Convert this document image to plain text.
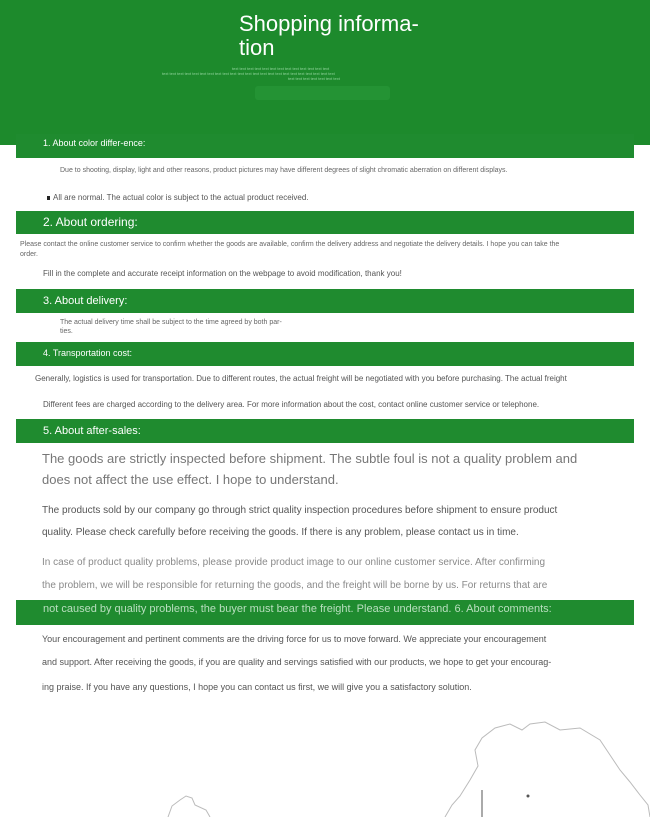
Shopping informa-
tion
text text text text text text text text text text text text text
text text text text text text text text text text text text text text text text text text text text text text text
text text text text text text text
1. About color differ-ence:
Due to shooting, display, light and other reasons, product pictures may have different degrees of slight chromatic aberration on different displays.
All are normal. The actual color is subject to the actual product received.
2. About ordering:
Please contact the online customer service to confirm whether the goods are available, confirm the delivery address and negotiate the delivery details. I hope you can take the
order.
Fill in the complete and accurate receipt information on the webpage to avoid modification, thank you!
3. About delivery:
The actual delivery time shall be subject to the time agreed by both par-
ties.
4. Transportation cost:
Generally, logistics is used for transportation. Due to different routes, the actual freight will be negotiated with you before purchasing. The actual freight
Different fees are charged according to the delivery area. For more information about the cost, contact online customer service or telephone.
5. About after-sales:
The goods are strictly inspected before shipment. The subtle foul is not a quality problem and
does not affect the use effect. I hope to understand.
The products sold by our company go through strict quality inspection procedures before shipment to ensure product
quality. Please check carefully before receiving the goods. If there is any problem, please contact us in time.
In case of product quality problems, please provide product image to our online customer service. After confirming
the problem, we will be responsible for returning the goods, and the freight will be borne by us. For returns that are
not caused by quality problems, the buyer must bear the freight. Please understand. 6. About comments:
Your encouragement and pertinent comments are the driving force for us to move forward. We appreciate your encouragement
and support. After receiving the goods, if you are quality and servings satisfied with our products, we hope to get your encourag-
ing praise. If you have any questions, I hope you can contact us first, we will give you a satisfactory solution.
